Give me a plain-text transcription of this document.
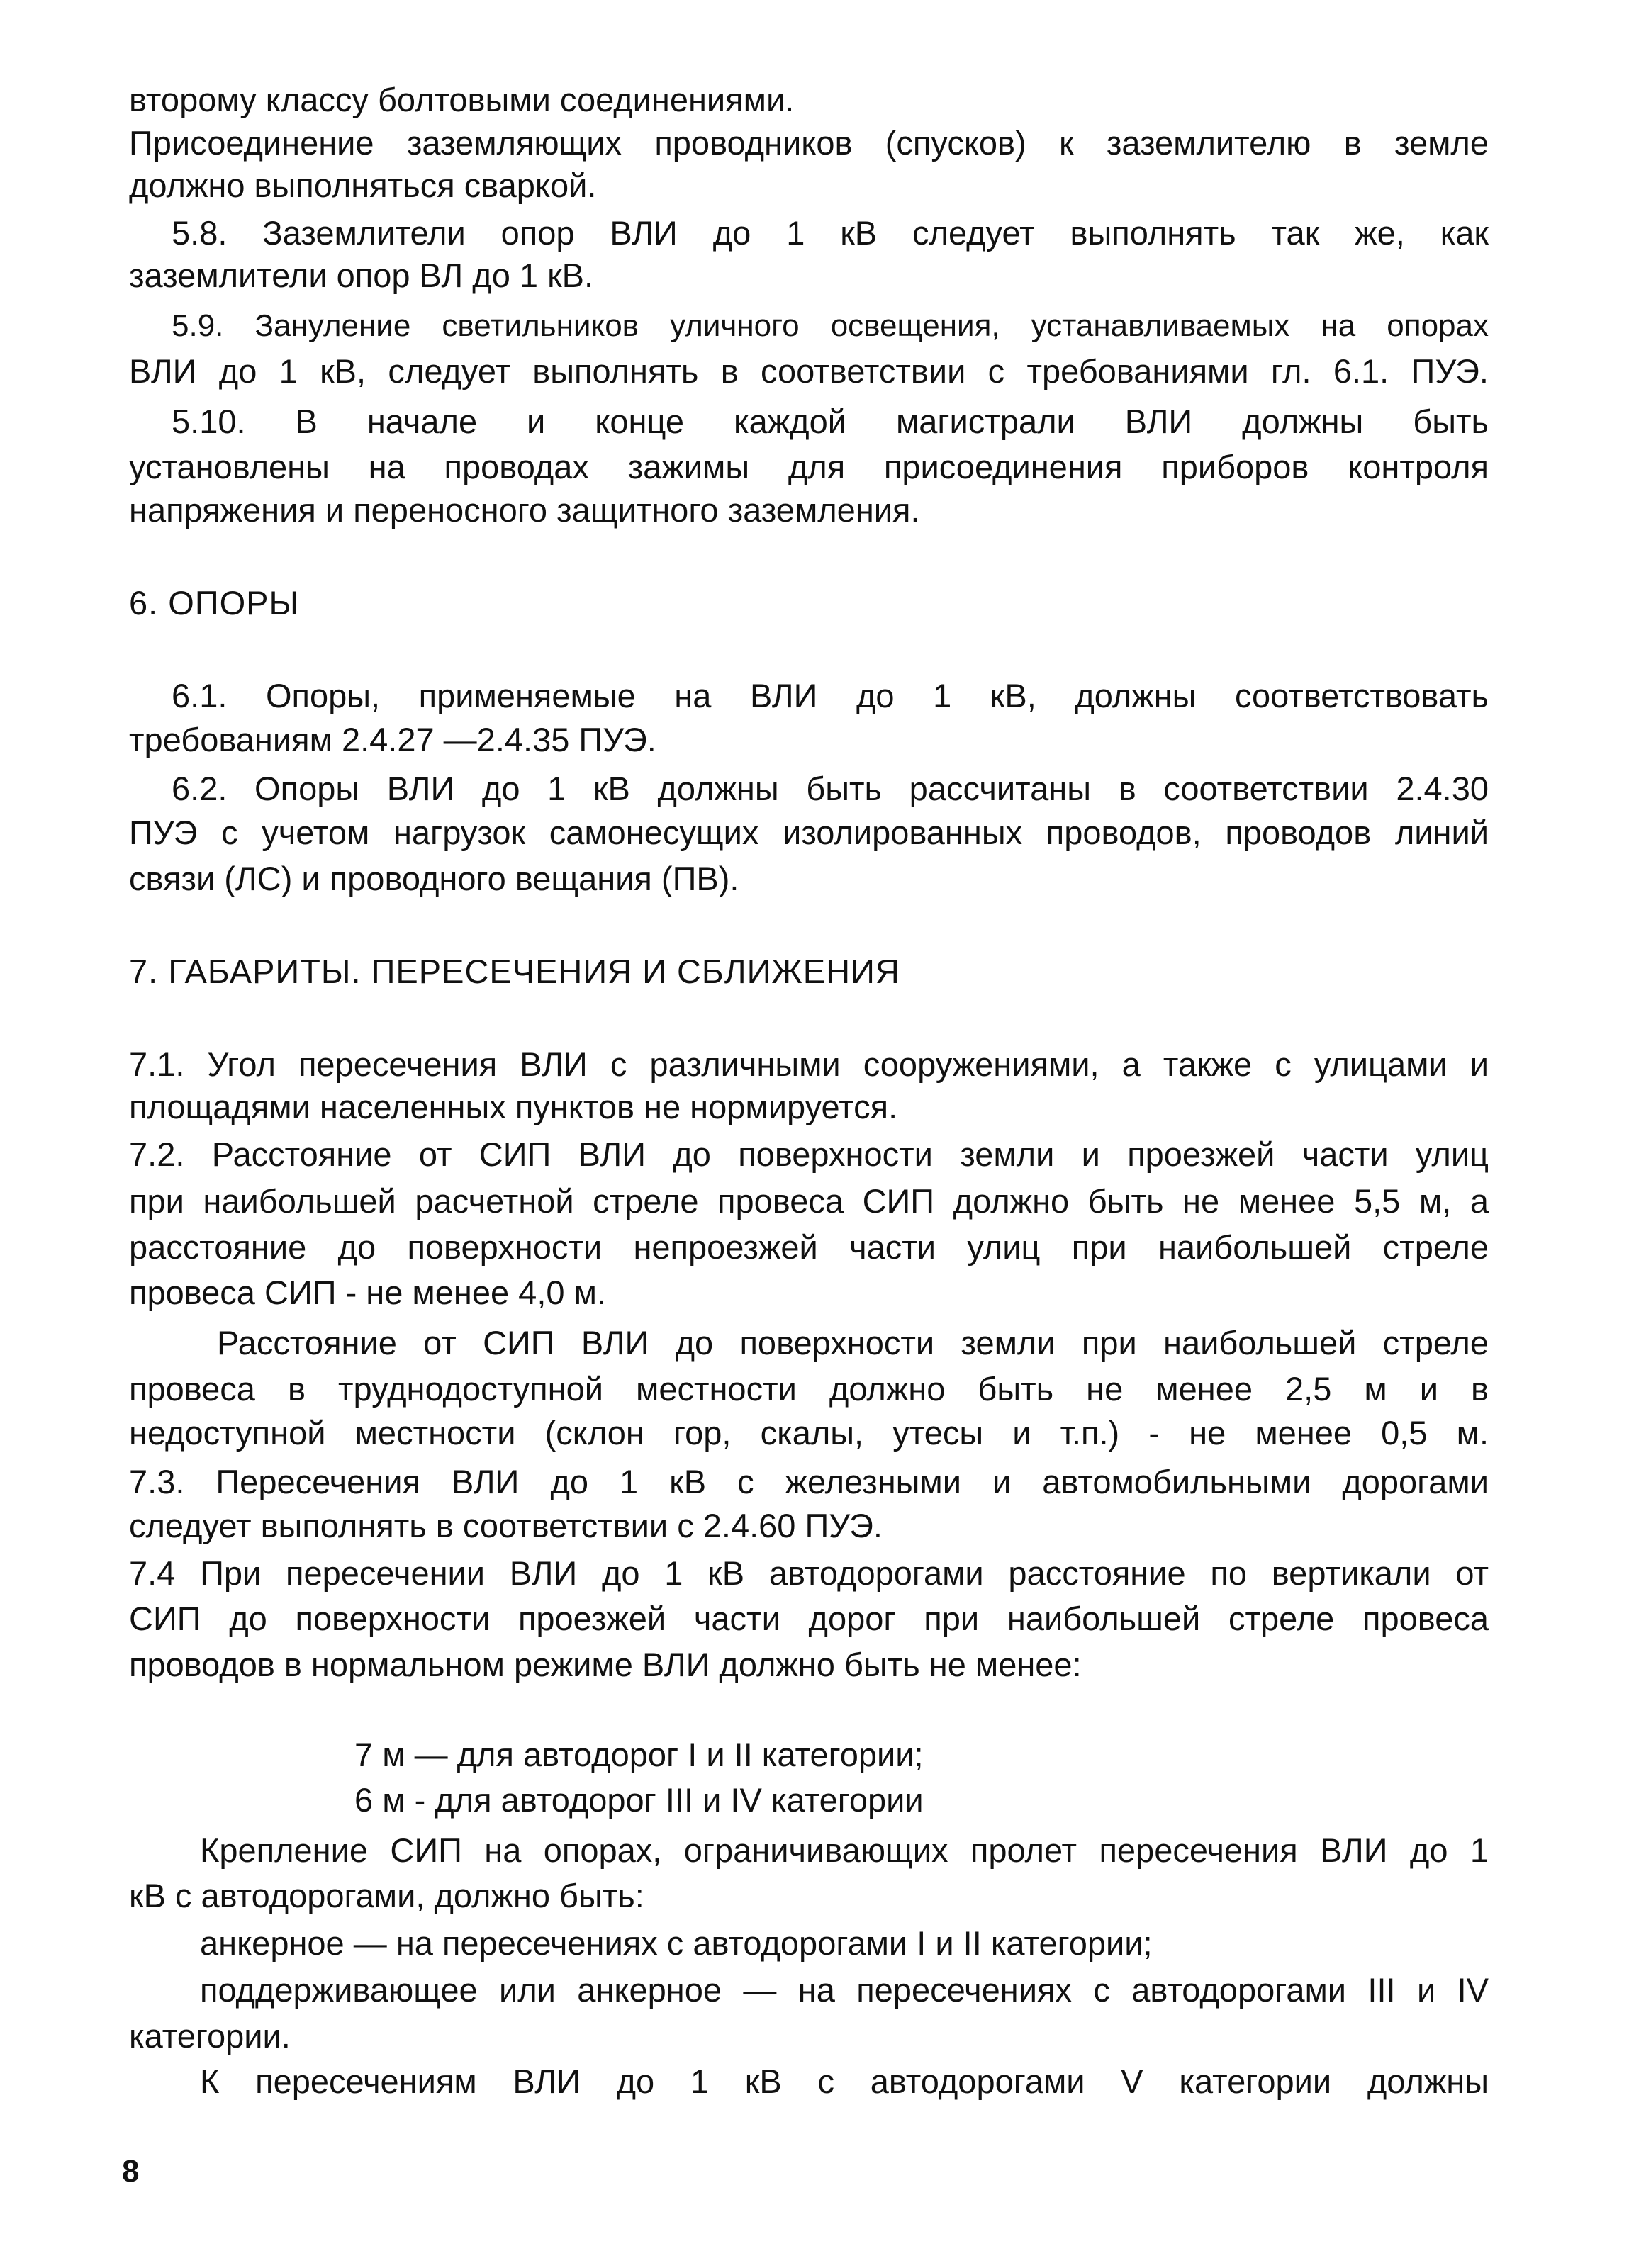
второму классу болтовыми соединениями.
Присоединение заземляющих проводников (спусков) к заземлителю в земле
должно выполняться сваркой.
5.8. Заземлители опор ВЛИ до 1 кВ следует выполнять так же, как
заземлители опор ВЛ до 1 кВ.
5.9. Зануление светильников уличного освещения, устанавливаемых на опорах
ВЛИ до 1 кВ, следует выполнять в соответствии с требованиями гл. 6.1. ПУЭ.
5.10. В начале и конце каждой магистрали ВЛИ должны быть
установлены на проводах зажимы для присоединения приборов контроля
напряжения и переносного защитного заземления.
6. ОПОРЫ
6.1. Опоры, применяемые на ВЛИ до 1 кВ, должны соответствовать
требованиям 2.4.27 —2.4.35 ПУЭ.
6.2. Опоры ВЛИ до 1 кВ должны быть рассчитаны в соответствии 2.4.30
ПУЭ с учетом нагрузок самонесущих изолированных проводов, проводов линий
связи (ЛС) и проводного вещания (ПВ).
7. ГАБАРИТЫ. ПЕРЕСЕЧЕНИЯ И СБЛИЖЕНИЯ
7.1. Угол пересечения ВЛИ с различными сооружениями, а также с улицами и
площадями населенных пунктов не нормируется.
7.2. Расстояние от СИП ВЛИ до поверхности земли и проезжей части улиц
при наибольшей расчетной стреле провеса СИП должно быть не менее 5,5 м, а
расстояние до поверхности непроезжей части улиц при наибольшей стреле
провеса СИП - не менее 4,0 м.
Расстояние от СИП ВЛИ до поверхности земли при наибольшей стреле
провеса в труднодоступной местности должно быть не менее 2,5 м и в
недоступной местности (склон гор, скалы, утесы и т.п.) - не менее 0,5 м.
7.3. Пересечения ВЛИ до 1 кВ с железными и автомобильными дорогами
следует выполнять в соответствии с 2.4.60 ПУЭ.
7.4 При пересечении ВЛИ до 1 кВ автодорогами расстояние по вертикали от
СИП до поверхности проезжей части дорог при наибольшей стреле провеса
проводов в нормальном режиме ВЛИ должно быть не менее:
7 м — для автодорог I и II категории;
6 м - для автодорог III и IV категории
Крепление СИП на опорах, ограничивающих пролет пересечения ВЛИ до 1
кВ с автодорогами, должно быть:
анкерное — на пересечениях с автодорогами I и II категории;
поддерживающее или анкерное — на пересечениях с автодорогами III и IV
категории.
К пересечениям ВЛИ до 1 кВ с автодорогами V категории должны
8
